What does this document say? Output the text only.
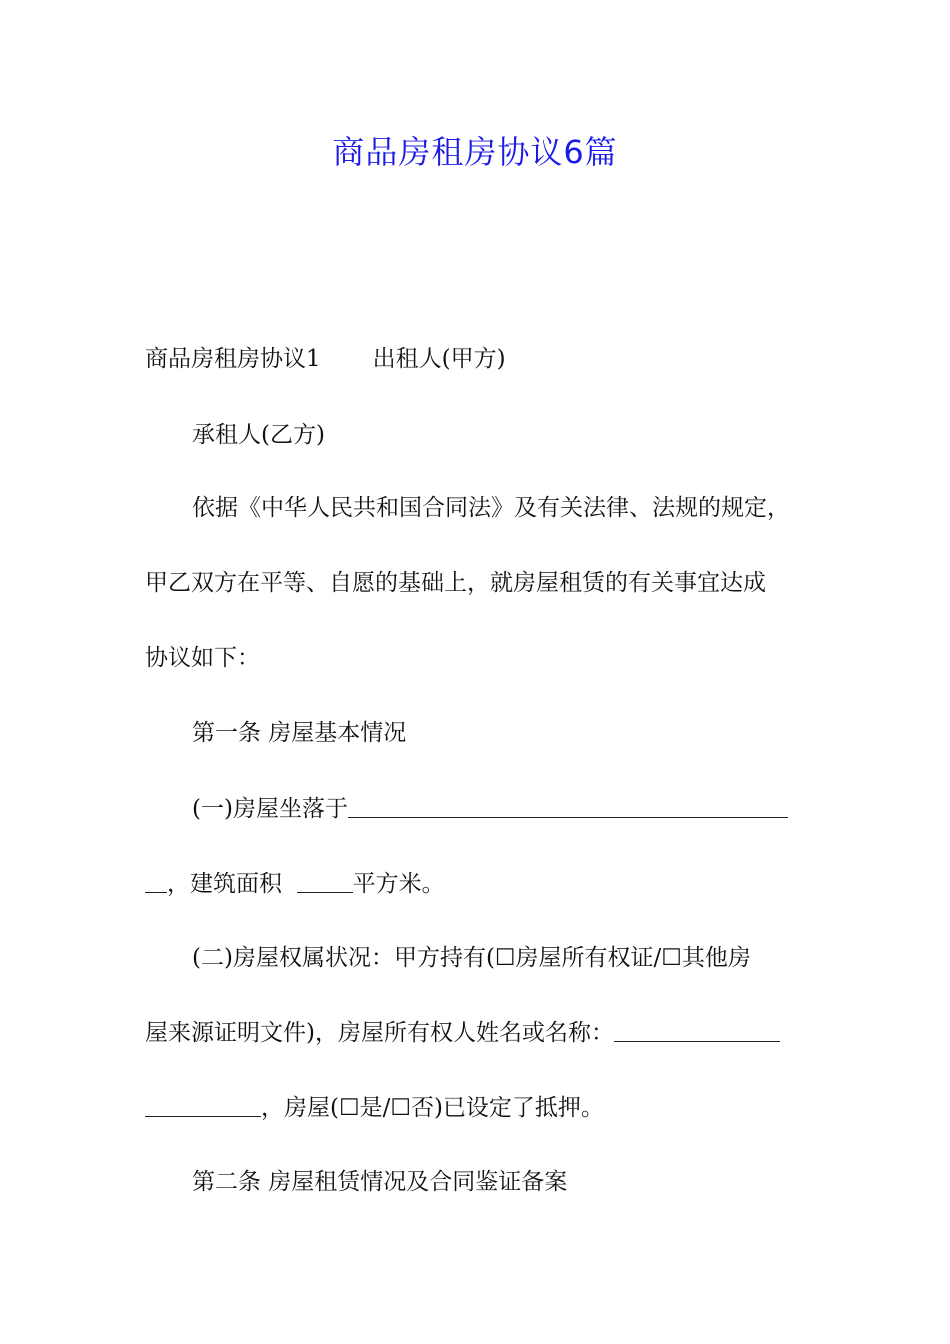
商品房租房协议6篇
商品房租房协议1 出租人(甲方)
承租人(乙方)
依据《中华人民共和国合同法》及有关法律、法规的规定，
甲乙双方在平等、自愿的基础上，就房屋租赁的有关事宜达成
协议如下：
第一条 房屋基本情况
(一)房屋坐落于
，建筑面积	平方米。
(二)房屋权属状况：甲方持有(☐房屋所有权证/☐其他房
屋来源证明文件)，房屋所有权人姓名或名称：
，房屋(☐是/☐否)已设定了抵押。
第二条 房屋租赁情况及合同鉴证备案
